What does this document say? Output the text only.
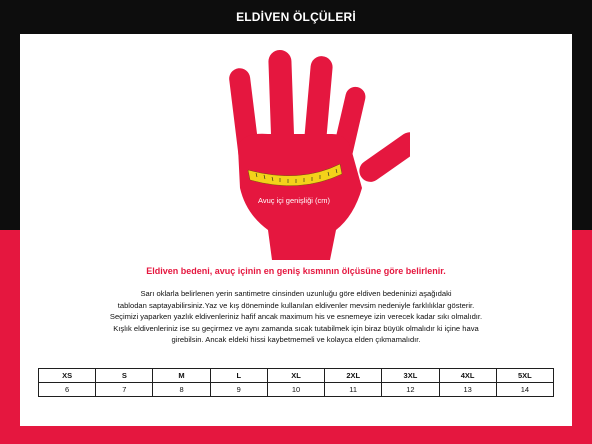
ELDİVEN ÖLÇÜLERİ
Avuç içi genişliği (cm)
Eldiven bedeni, avuç içinin en geniş kısmının ölçüsüne göre belirlenir.

Sarı oklarla belirlenen yerin santimetre cinsinden uzunluğu göre eldiven bedeninizi aşağıdaki

tablodan saptayabilirsiniz.Yaz ve kış döneminde kullanılan eldivenler mevsim nedeniyle farklılıklar gösterir.

Seçimizi yaparken yazlık eldivenleriniz hafif ancak maximum his ve esnemeye izin verecek kadar sıkı olmalıdır.

Kışlık eldivenleriniz ise su geçirmez ve aynı zamanda sıcak tutabilmek için biraz büyük olmalıdır ki içine hava

girebilsin. Ancak eldeki hissi kaybetmemeli ve kolayca elden çıkmamalıdır.

XS	S	M	L	XL	2XL	3XL	4XL	5XL
6	7	8	9	10	11	12	13	14
